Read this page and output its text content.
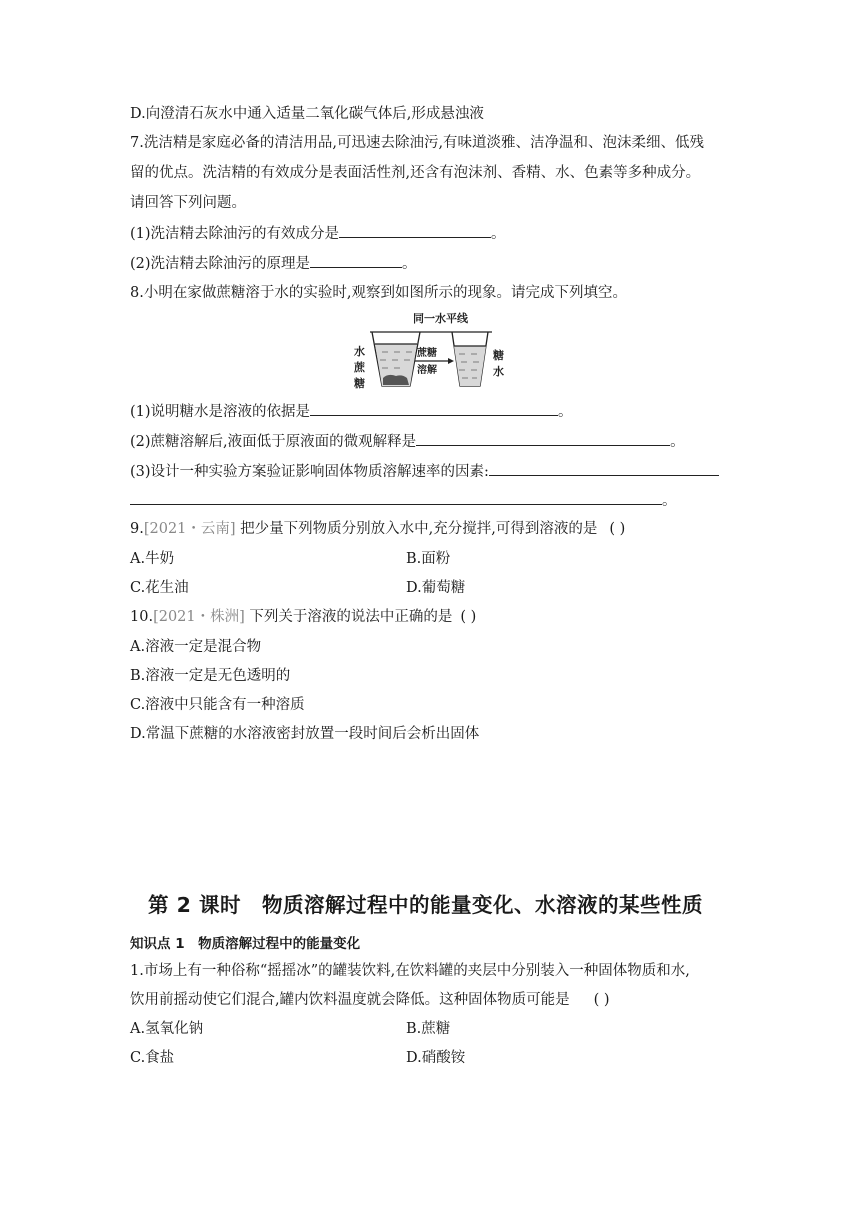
D.向澄清石灰水中通入适量二氧化碳气体后,形成悬浊液
7.洗洁精是家庭必备的清洁用品,可迅速去除油污,有味道淡雅、洁净温和、泡沫柔细、低残
留的优点。洗洁精的有效成分是表面活性剂,还含有泡沫剂、香精、水、色素等多种成分。
请回答下列问题。
(1)洗洁精去除油污的有效成分是	。
(2)洗洁精去除油污的原理是	。
8.小明在家做蔗糖溶于水的实验时,观察到如图所示的现象。请完成下列填空。
同一水平线
水
蔗
糖
蔗糖
溶解
糖
水
(1)说明糖水是溶液的依据是	。
(2)蔗糖溶解后,液面低于原液面的微观解释是	。
(3)设计一种实验方案验证影响固体物质溶解速率的因素:
。
9.[2021・云南] 把少量下列物质分别放入水中,充分搅拌,可得到溶液的是 ( )
A.牛奶	B.面粉
C.花生油	D.葡萄糖
10.[2021・株洲] 下列关于溶液的说法中正确的是 ( )
A.溶液一定是混合物
B.溶液一定是无色透明的
C.溶液中只能含有一种溶质
D.常温下蔗糖的水溶液密封放置一段时间后会析出固体
第 2 课时　物质溶解过程中的能量变化、水溶液的某些性质
知识点 1　物质溶解过程中的能量变化
1.市场上有一种俗称“摇摇冰”的罐装饮料,在饮料罐的夹层中分别装入一种固体物质和水,
饮用前摇动使它们混合,罐内饮料温度就会降低。这种固体物质可能是 ( )
A.氢氧化钠	B.蔗糖
C.食盐	D.硝酸铵
